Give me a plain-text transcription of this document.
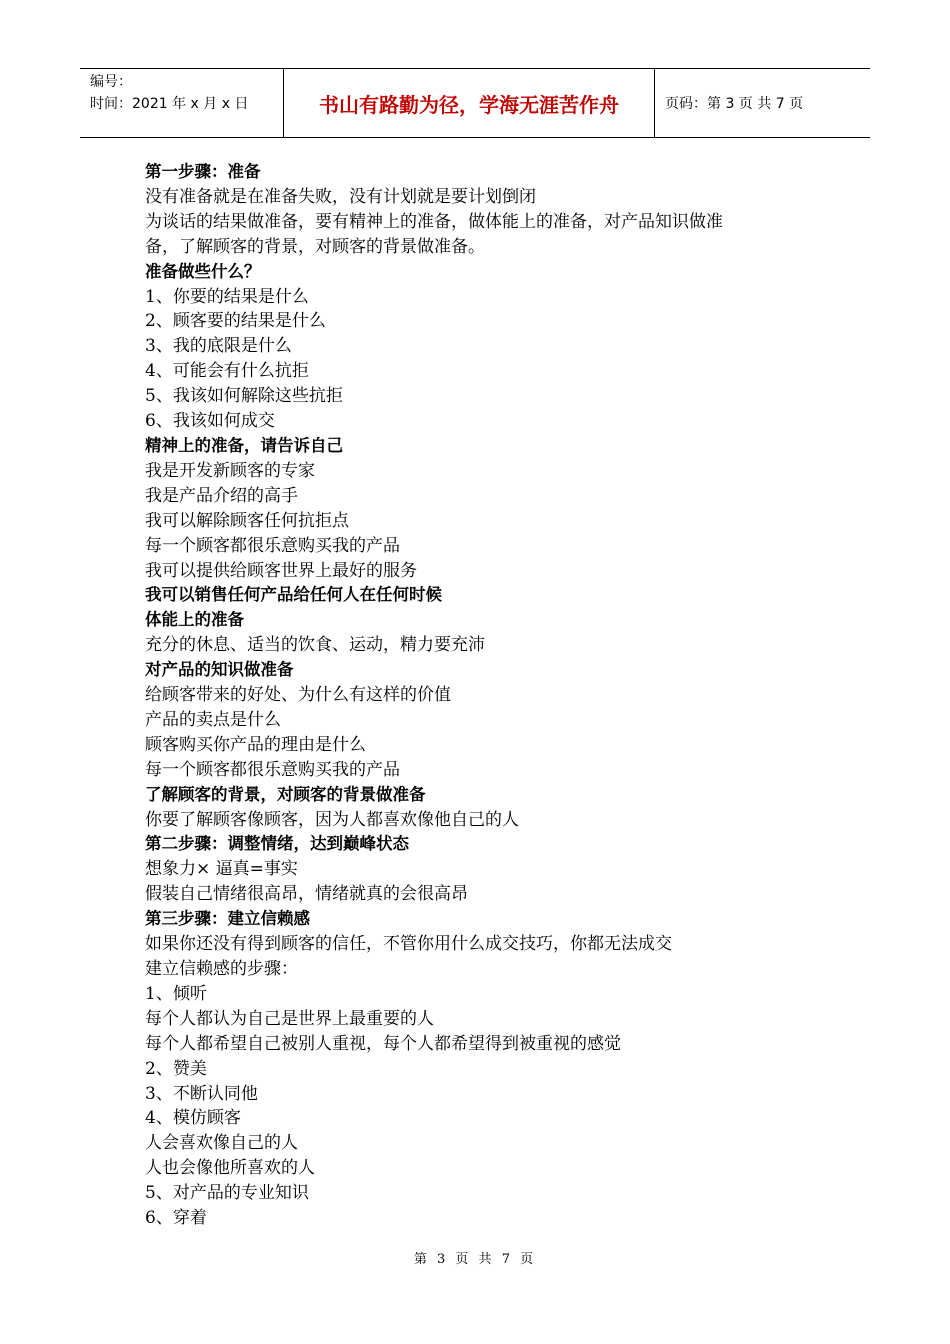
编号：
时间：2021 年 x 月 x 日	书山有路勤为径，学海无涯苦作舟	页码：第 3 页 共 7 页

第一步骤：准备

没有准备就是在准备失败，没有计划就是要计划倒闭

为谈话的结果做准备，要有精神上的准备，做体能上的准备，对产品知识做准

备，了解顾客的背景，对顾客的背景做准备。

准备做些什么？

1、你要的结果是什么

2、顾客要的结果是什么

3、我的底限是什么

4、可能会有什么抗拒

5、我该如何解除这些抗拒

6、我该如何成交

精神上的准备，请告诉自己

我是开发新顾客的专家

我是产品介绍的高手

我可以解除顾客任何抗拒点

每一个顾客都很乐意购买我的产品

我可以提供给顾客世界上最好的服务

我可以销售任何产品给任何人在任何时候

体能上的准备

充分的休息、适当的饮食、运动，精力要充沛

对产品的知识做准备

给顾客带来的好处、为什么有这样的价值

产品的卖点是什么

顾客购买你产品的理由是什么

每一个顾客都很乐意购买我的产品

了解顾客的背景，对顾客的背景做准备

你要了解顾客像顾客，因为人都喜欢像他自己的人

第二步骤：调整情绪，达到巅峰状态

想象力× 逼真=事实

假装自己情绪很高昂，情绪就真的会很高昂

第三步骤：建立信赖感

如果你还没有得到顾客的信任，不管你用什么成交技巧，你都无法成交

建立信赖感的步骤：

1、倾听

每个人都认为自己是世界上最重要的人

每个人都希望自己被别人重视，每个人都希望得到被重视的感觉

2、赞美

3、不断认同他

4、模仿顾客

人会喜欢像自己的人

人也会像他所喜欢的人

5、对产品的专业知识

6、穿着

第 3 页 共 7 页
